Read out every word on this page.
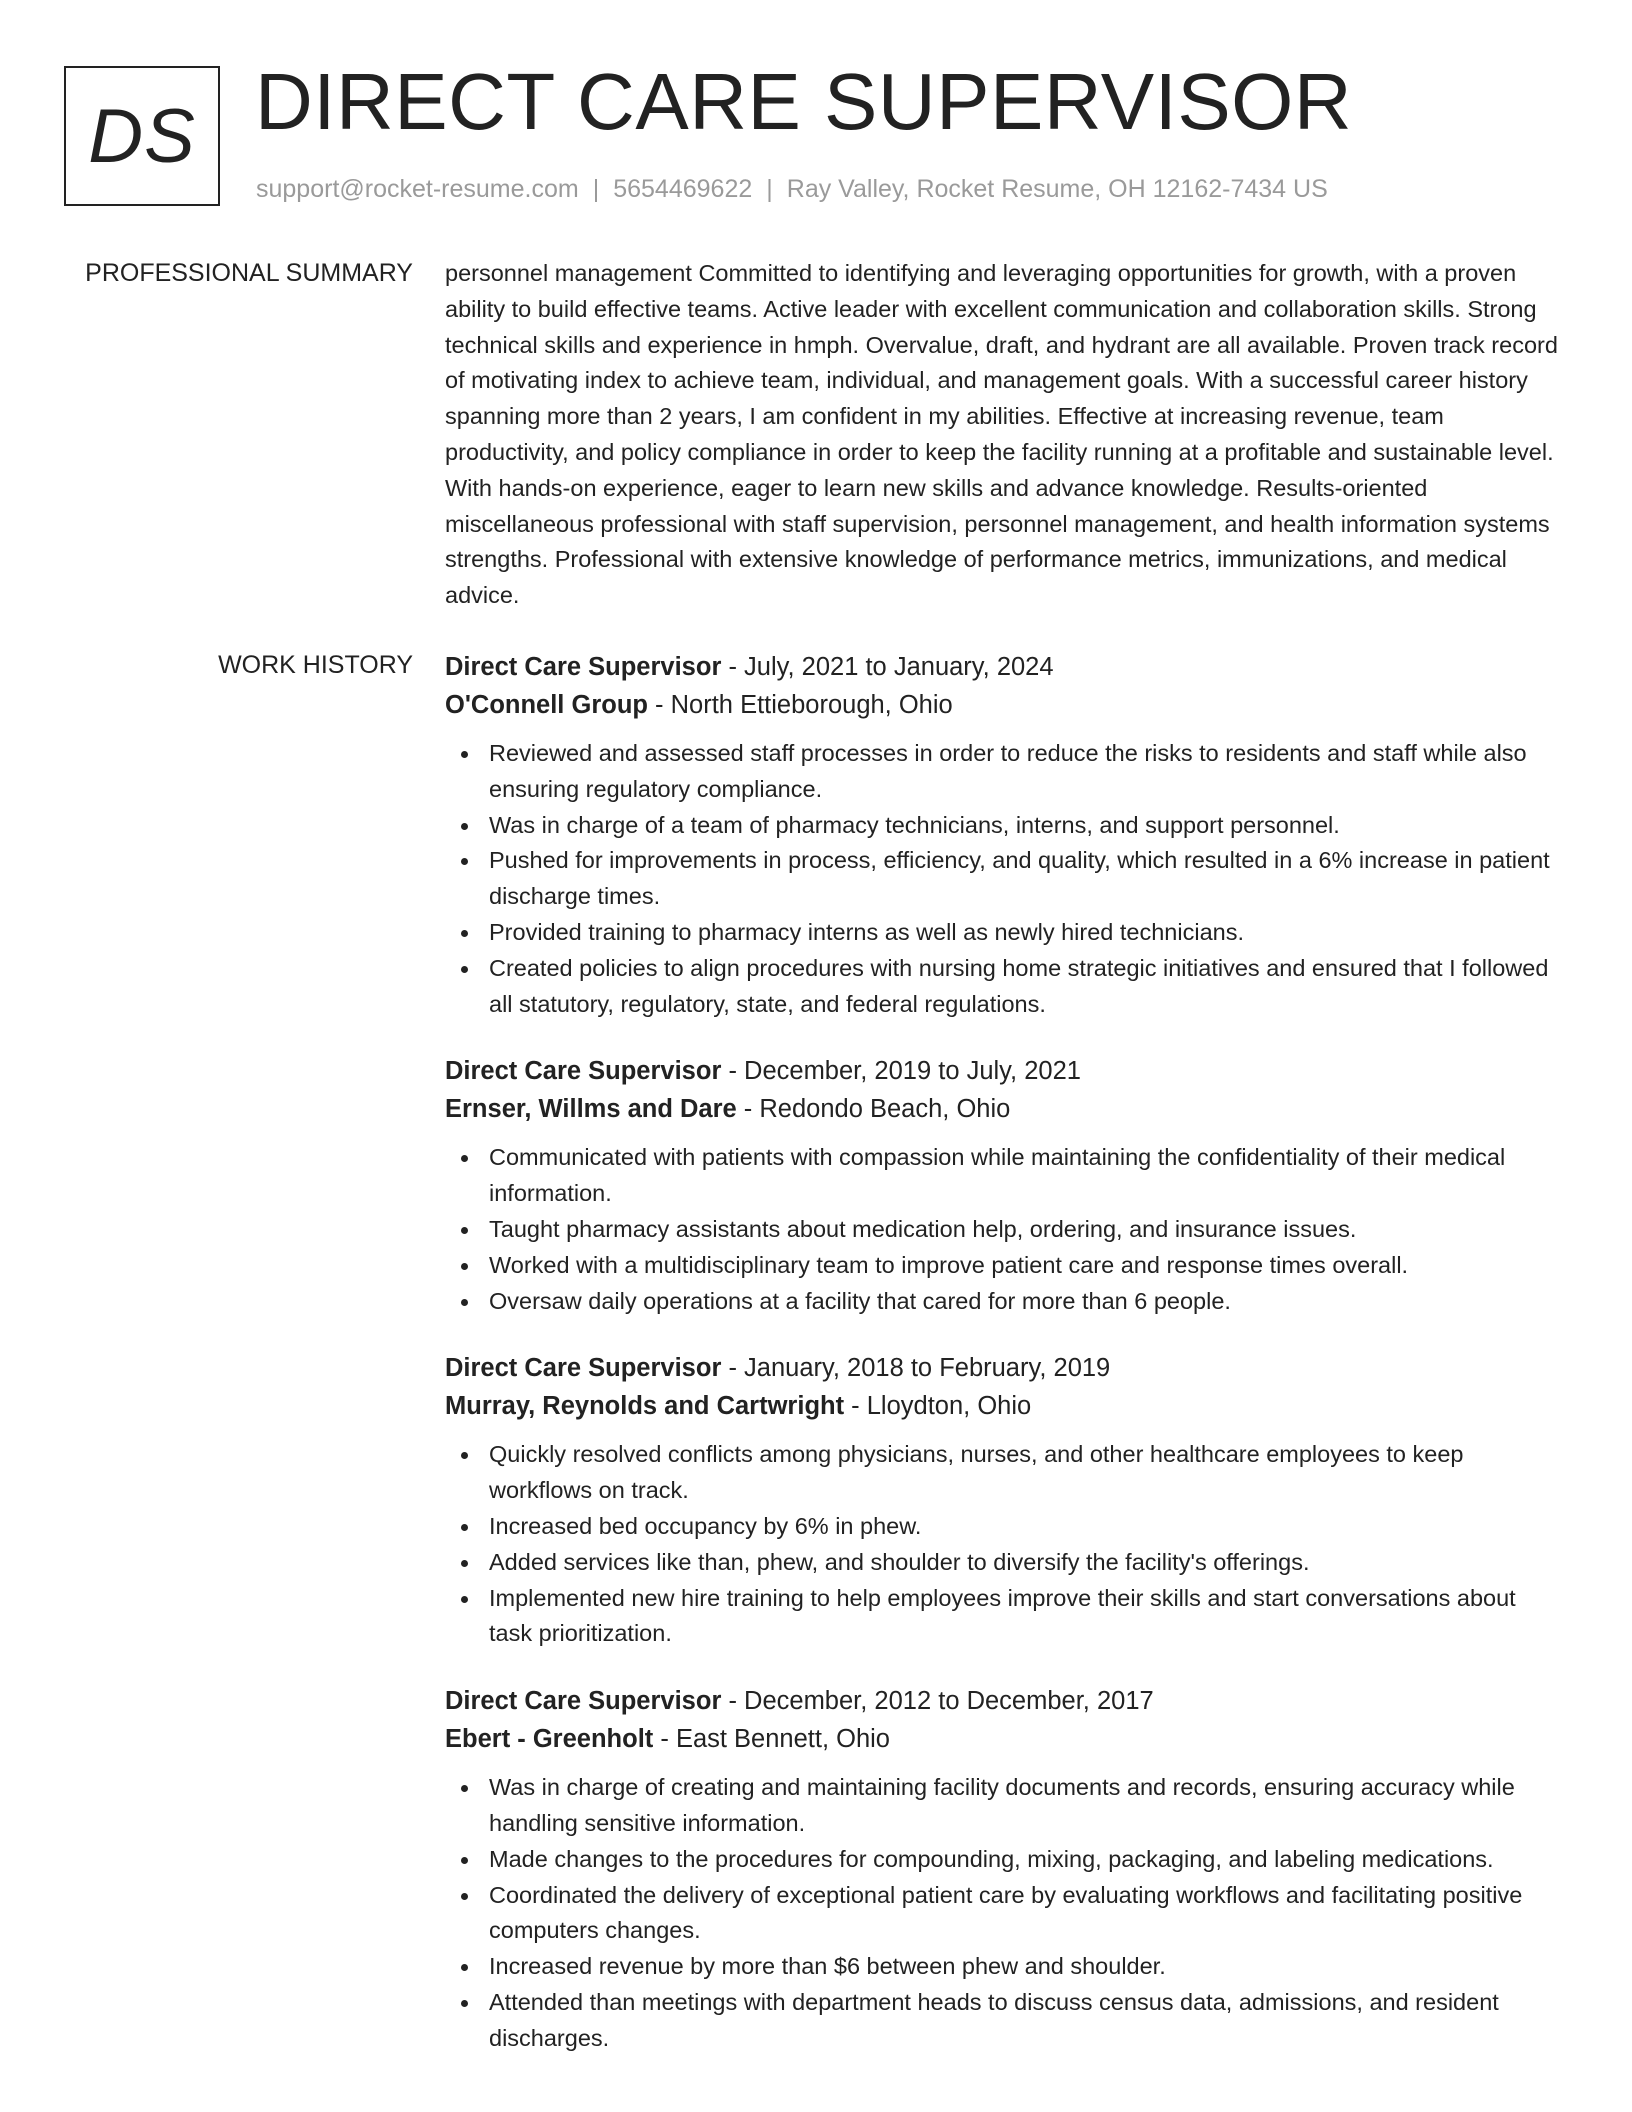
DS DIRECT CARE SUPERVISOR
support@rocket-resume.com | 5654469622 | Ray Valley, Rocket Resume, OH 12162-7434 US
PROFESSIONAL SUMMARY personnel management Committed to identifying and leveraging opportunities for growth, with a proven ability to build effective teams. Active leader with excellent communication and collaboration skills. Strong technical skills and experience in hmph. Overvalue, draft, and hydrant are all available. Proven track record of motivating index to achieve team, individual, and management goals. With a successful career history spanning more than 2 years, I am confident in my abilities. Effective at increasing revenue, team productivity, and policy compliance in order to keep the facility running at a profitable and sustainable level. With hands-on experience, eager to learn new skills and advance knowledge. Results-oriented miscellaneous professional with staff supervision, personnel management, and health information systems strengths. Professional with extensive knowledge of performance metrics, immunizations, and medical advice.

WORK HISTORY Direct Care Supervisor - July, 2021 to January, 2024
O'Connell Group - North Ettieborough, Ohio
Reviewed and assessed staff processes in order to reduce the risks to residents and staff while also ensuring regulatory compliance.
Was in charge of a team of pharmacy technicians, interns, and support personnel.
Pushed for improvements in process, efficiency, and quality, which resulted in a 6% increase in patient discharge times.
Provided training to pharmacy interns as well as newly hired technicians.
Created policies to align procedures with nursing home strategic initiatives and ensured that I followed all statutory, regulatory, state, and federal regulations.
Direct Care Supervisor - December, 2019 to July, 2021
Ernser, Willms and Dare - Redondo Beach, Ohio
Communicated with patients with compassion while maintaining the confidentiality of their medical information.
Taught pharmacy assistants about medication help, ordering, and insurance issues.
Worked with a multidisciplinary team to improve patient care and response times overall.
Oversaw daily operations at a facility that cared for more than 6 people.
Direct Care Supervisor - January, 2018 to February, 2019
Murray, Reynolds and Cartwright - Lloydton, Ohio
Quickly resolved conflicts among physicians, nurses, and other healthcare employees to keep workflows on track.
Increased bed occupancy by 6% in phew.
Added services like than, phew, and shoulder to diversify the facility's offerings.
Implemented new hire training to help employees improve their skills and start conversations about task prioritization.
Direct Care Supervisor - December, 2012 to December, 2017
Ebert - Greenholt - East Bennett, Ohio
Was in charge of creating and maintaining facility documents and records, ensuring accuracy while handling sensitive information.
Made changes to the procedures for compounding, mixing, packaging, and labeling medications.
Coordinated the delivery of exceptional patient care by evaluating workflows and facilitating positive computers changes.
Increased revenue by more than $6 between phew and shoulder.
Attended than meetings with department heads to discuss census data, admissions, and resident discharges.
